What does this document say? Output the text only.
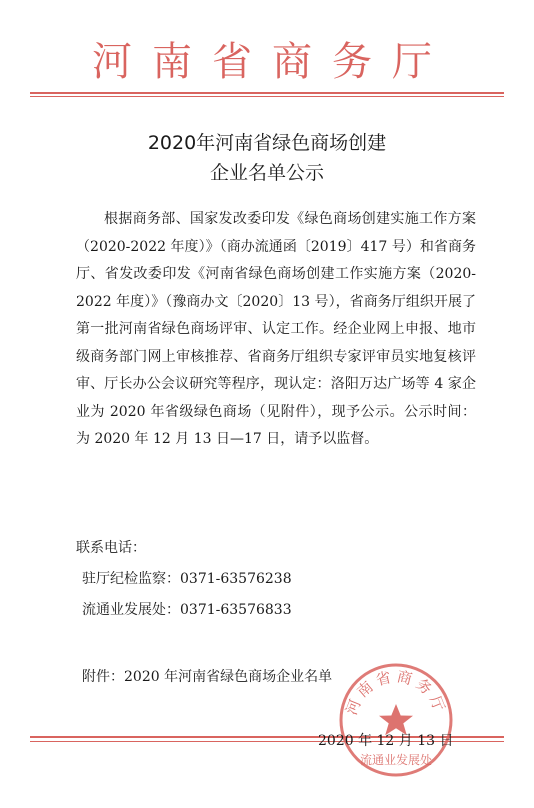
河南省商务厅
2020年河南省绿色商场创建
企业名单公示
根据商务部、国家发改委印发《绿色商场创建实施工作方案（2020-2022 年度）》（商办流通函〔2019〕417 号）和省商务厅、省发改委印发《河南省绿色商场创建工作实施方案（2020-2022 年度）》（豫商办文〔2020〕13 号），省商务厅组织开展了第一批河南省绿色商场评审、认定工作。经企业网上申报、地市级商务部门网上审核推荐、省商务厅组织专家评审员实地复核评审、厅长办公会议研究等程序，现认定：洛阳万达广场等 4 家企业为 2020 年省级绿色商场（见附件），现予公示。公示时间：为 2020 年 12 月 13 日—17 日，请予以监督。
联系电话：
驻厅纪检监察：0371-63576238
流通业发展处：0371-63576833
附件：2020 年河南省绿色商场企业名单
河南省商务厅
流通业发展处
2020 年 12 月 13 日
